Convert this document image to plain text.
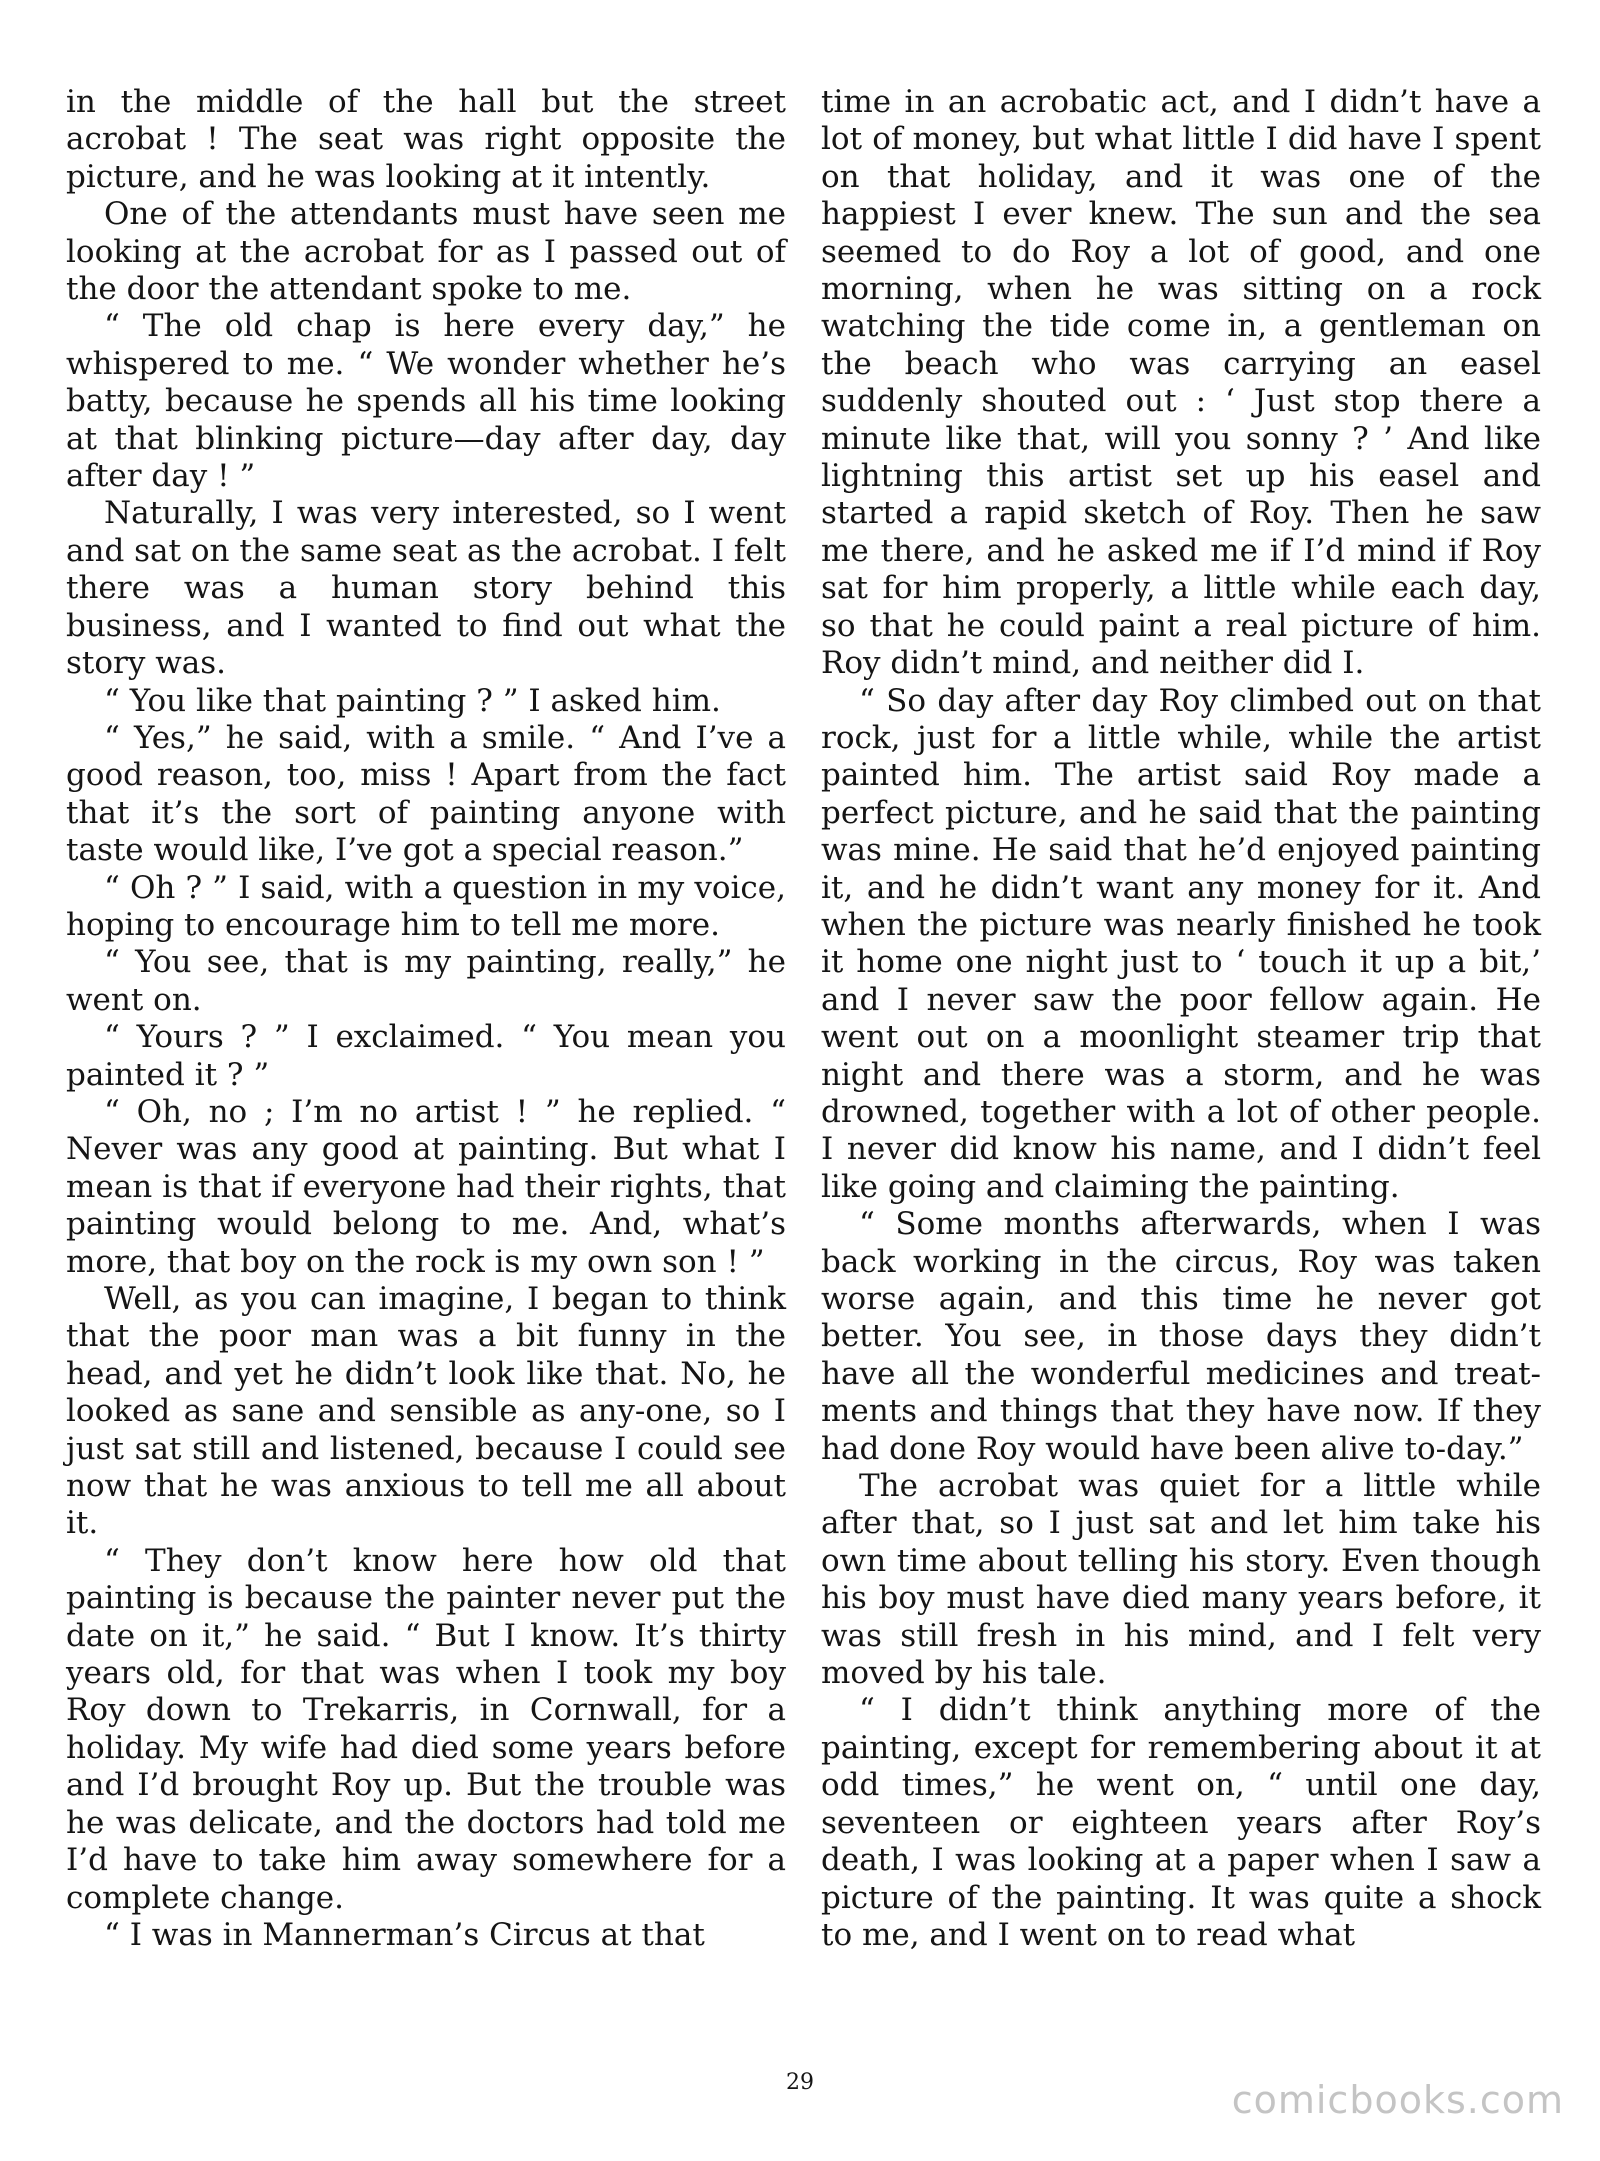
in the middle of the hall but the street acrobat ! The seat was right opposite the picture, and he was looking at it intently.

One of the attendants must have seen me looking at the acrobat for as I passed out of the door the attendant spoke to me.

“ The old chap is here every day,” he whispered to me. “ We wonder whether he’s batty, because he spends all his time looking at that blinking picture—day after day, day after day ! ”

Naturally, I was very interested, so I went and sat on the same seat as the acrobat. I felt there was a human story behind this business, and I wanted to find out what the story was.

“ You like that painting ? ” I asked him.

“ Yes,” he said, with a smile. “ And I’ve a good reason, too, miss ! Apart from the fact that it’s the sort of painting anyone with taste would like, I’ve got a special reason.”

“ Oh ? ” I said, with a question in my voice, hoping to encourage him to tell me more.

“ You see, that is my painting, really,” he went on.

“ Yours ? ” I exclaimed. “ You mean you painted it ? ”

“ Oh, no ; I’m no artist ! ” he replied. “ Never was any good at painting. But what I mean is that if everyone had their rights, that painting would belong to me. And, what’s more, that boy on the rock is my own son ! ”

Well, as you can imagine, I began to think that the poor man was a bit funny in the head, and yet he didn’t look like that. No, he looked as sane and sensible as any-one, so I just sat still and listened, because I could see now that he was anxious to tell me all about it.

“ They don’t know here how old that painting is because the painter never put the date on it,” he said. “ But I know. It’s thirty years old, for that was when I took my boy Roy down to Trekarris, in Cornwall, for a holiday. My wife had died some years before and I’d brought Roy up. But the trouble was he was delicate, and the doctors had told me I’d have to take him away somewhere for a complete change.

“ I was in Mannerman’s Circus at that

time in an acrobatic act, and I didn’t have a lot of money, but what little I did have I spent on that holiday, and it was one of the happiest I ever knew. The sun and the sea seemed to do Roy a lot of good, and one morning, when he was sitting on a rock watching the tide come in, a gentleman on the beach who was carrying an easel suddenly shouted out : ‘ Just stop there a minute like that, will you sonny ? ’ And like lightning this artist set up his easel and started a rapid sketch of Roy. Then he saw me there, and he asked me if I’d mind if Roy sat for him properly, a little while each day, so that he could paint a real picture of him. Roy didn’t mind, and neither did I.

“ So day after day Roy climbed out on that rock, just for a little while, while the artist painted him. The artist said Roy made a perfect picture, and he said that the painting was mine. He said that he’d enjoyed painting it, and he didn’t want any money for it. And when the picture was nearly finished he took it home one night just to ‘ touch it up a bit,’ and I never saw the poor fellow again. He went out on a moonlight steamer trip that night and there was a storm, and he was drowned, together with a lot of other people. I never did know his name, and I didn’t feel like going and claiming the painting.

“ Some months afterwards, when I was back working in the circus, Roy was taken worse again, and this time he never got better. You see, in those days they didn’t have all the wonderful medicines and treat-ments and things that they have now. If they had done Roy would have been alive to-day.”

The acrobat was quiet for a little while after that, so I just sat and let him take his own time about telling his story. Even though his boy must have died many years before, it was still fresh in his mind, and I felt very moved by his tale.

“ I didn’t think anything more of the painting, except for remembering about it at odd times,” he went on, “ until one day, seventeen or eighteen years after Roy’s death, I was looking at a paper when I saw a picture of the painting. It was quite a shock to me, and I went on to read what

29	comicbooks.com
